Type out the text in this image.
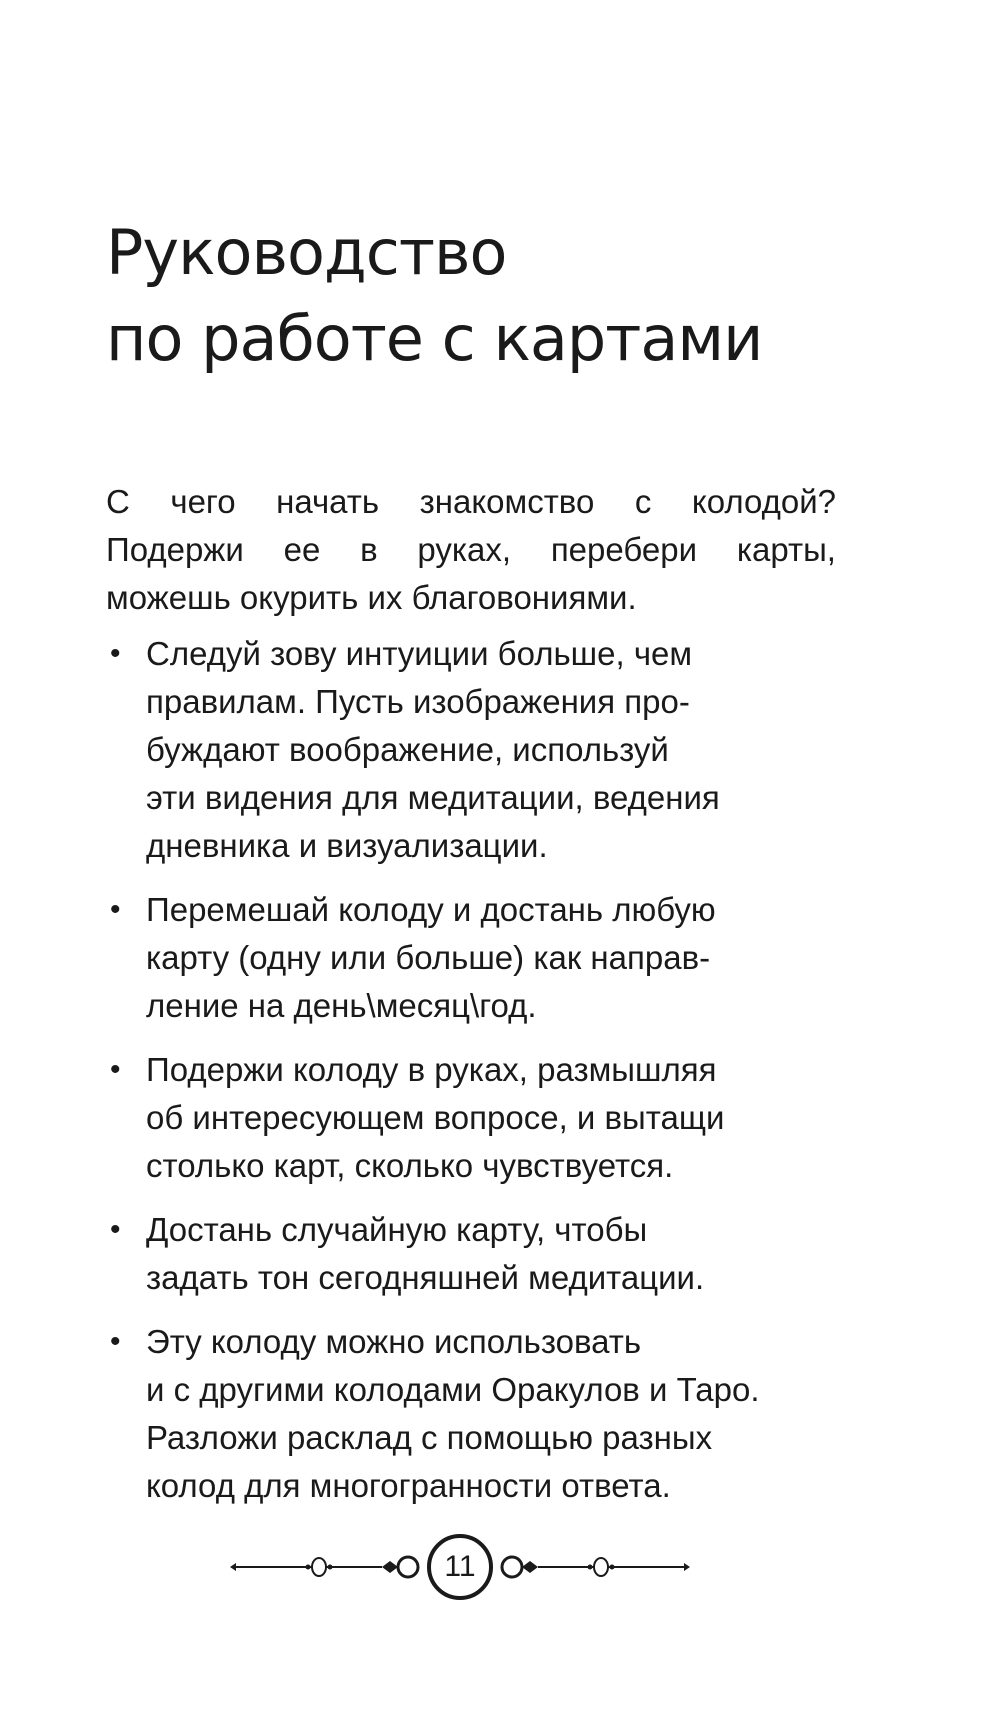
Руководство
по работе с картами
С чего начать знакомство с колодой?
Подержи ее в руках, перебери карты,
можешь окурить их благовониями.
• Следуй зову интуиции больше, чем
правилам. Пусть изображения про-
буждают воображение, используй
эти видения для медитации, ведения
дневника и визуализации.
• Перемешай колоду и достань любую
карту (одну или больше) как направ-
ление на день\месяц\год.
• Подержи колоду в руках, размышляя
об интересующем вопросе, и вытащи
столько карт, сколько чувствуется.
• Достань случайную карту, чтобы
задать тон сегодняшней медитации.
• Эту колоду можно использовать
и с другими колодами Оракулов и Таро.
Разложи расклад с помощью разных
колод для многогранности ответа.
11
